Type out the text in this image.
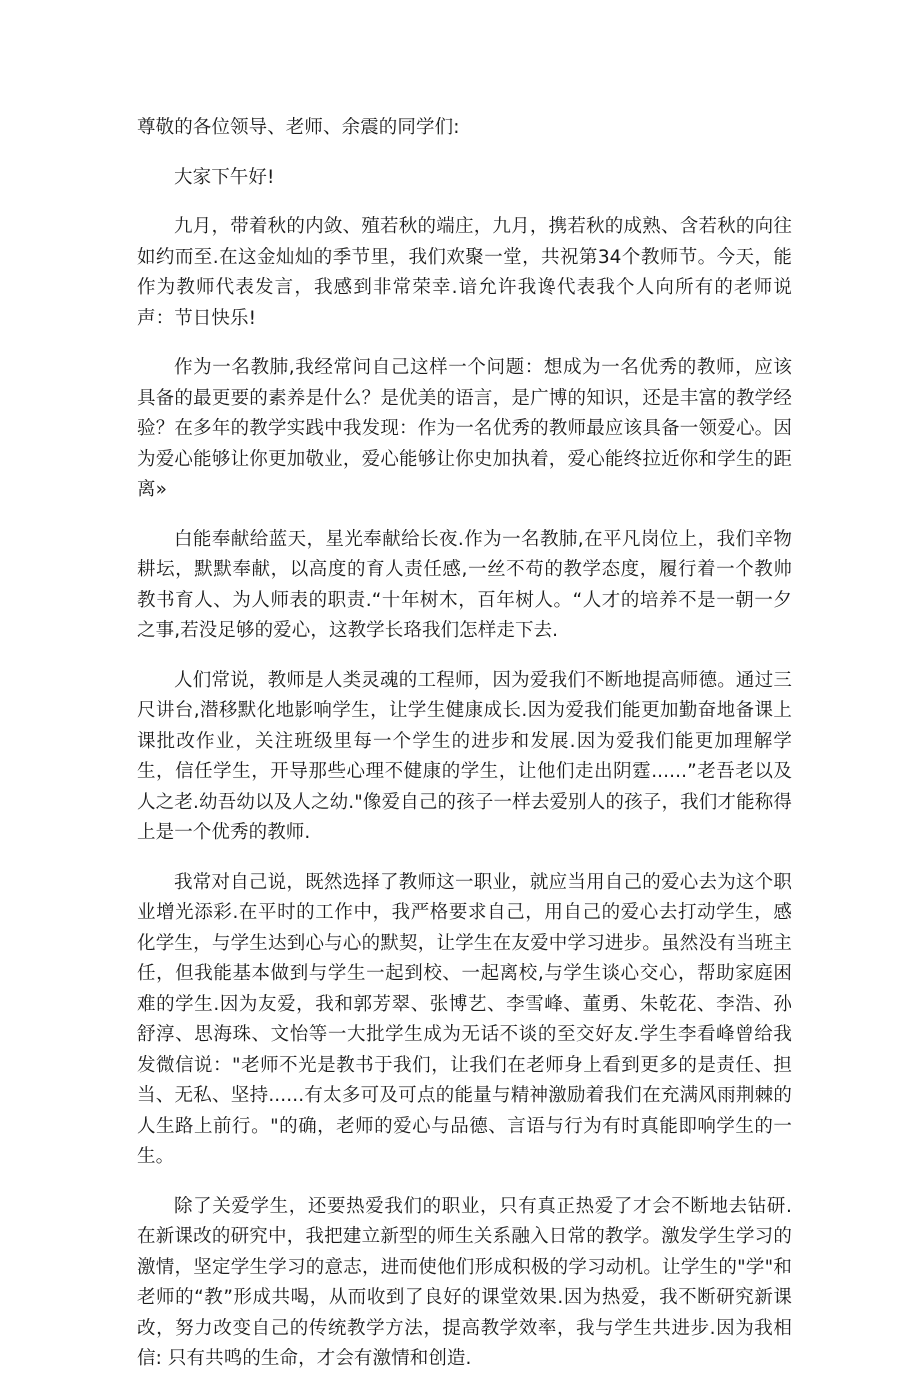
尊敬的各位领导、老师、余震的同学们:

大家下午好!

九月，带着秋的内敛、殖若秋的端庄，九月，携若秋的成熟、含若秋的向往如约而至.在这金灿灿的季节里，我们欢聚一堂，共祝第34个教师节。今天，能作为教师代表发言，我感到非常荣幸.谙允许我谗代表我个人向所有的老师说声：节日快乐!

作为一名教肺,我经常问自己这样一个问题：想成为一名优秀的教师，应该具备的最更要的素养是什么？是优美的语言，是广博的知识，还是丰富的教学经验？在多年的教学实践中我发现：作为一名优秀的教师最应该具备一领爱心。因为爱心能够让你更加敬业，爱心能够让你史加执着，爱心能终拉近你和学生的距离»

白能奉献给蓝天，星光奉献给长夜.作为一名教肺,在平凡岗位上，我们辛物耕坛，默默奉献，以高度的育人责任感,一丝不苟的教学态度，履行着一个教帅教书育人、为人师表的职责.“十年树木，百年树人。“人才的培养不是一朝一夕之事,若没足够的爱心，这教学长珞我们怎样走下去.

人们常说，教师是人类灵魂的工程师，因为爱我们不断地提高师德。通过三尺讲台,潜移默化地影响学生，让学生健康成长.因为爱我们能更加勤奋地备课上课批改作业，关注班级里每一个学生的进步和发展.因为爱我们能更加理解学生，信任学生，开导那些心理不健康的学生，让他们走出阴霆......”老吾老以及人之老.幼吾幼以及人之幼."像爱自己的孩子一样去爱别人的孩子，我们才能称得上是一个优秀的教师.

我常对自己说，既然选择了教师这一职业，就应当用自己的爱心去为这个职业增光添彩.在平时的工作中，我严格要求自己，用自己的爱心去打动学生，感化学生，与学生达到心与心的默契，让学生在友爱中学习进步。虽然没有当班主任，但我能基本做到与学生一起到校、一起离校,与学生谈心交心，帮助家庭困难的学生.因为友爱，我和郭芳翠、张博艺、李雪峰、董勇、朱乾花、李浩、孙舒淳、思海珠、文怡等一大批学生成为无话不谈的至交好友.学生李看峰曾给我发微信说："老师不光是教书于我们，让我们在老师身上看到更多的是责任、担当、无私、坚持......有太多可及可点的能量与精神激励着我们在充满风雨荆棘的人生路上前行。"的确，老师的爱心与品德、言语与行为有时真能即响学生的一生。

除了关爱学生，还要热爱我们的职业，只有真正热爱了才会不断地去钻研.在新课改的研究中，我把建立新型的师生关系融入日常的教学。激发学生学习的激情，坚定学生学习的意志，进而使他们形成积极的学习动机。让学生的"学"和老师的“教”形成共喝，从而收到了良好的课堂效果.因为热爱，我不断研究新课改，努力改变自己的传统教学方法，提高教学效率，我与学生共进步.因为我相信: 只有共鸣的生命，才会有激情和创造.
